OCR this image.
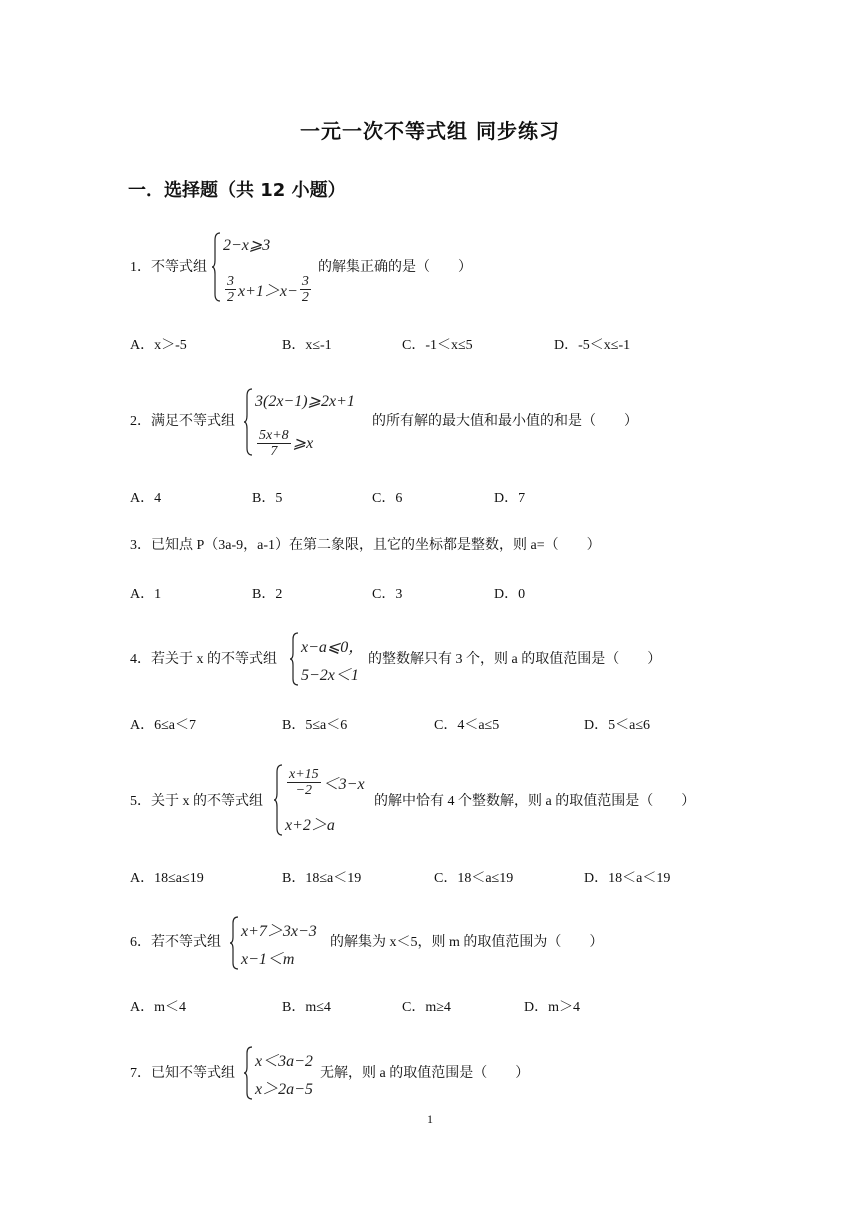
一元一次不等式组 同步练习
一．选择题（共 12 小题）
1．不等式组
2−x⩾3
$\frac{3}{2} x+1>x- \frac{3}{2}$
的解集正确的是（　　）
A．x＞-5	B．x≤-1	C．-1＜x≤5	D．-5＜x≤-1
2．满足不等式组
3(2x−1)⩾2x+1
$\frac{5x+8}{7}$ ⩾x
的所有解的最大值和最小值的和是（　　）
A．4	B．5	C．6	D．7
3．已知点 P（3a-9，a-1）在第二象限，且它的坐标都是整数，则 a=（　　）
A．1	B．2	C．3	D．0
4．若关于 x 的不等式组
x−a⩽0，
5−2x＜1
的整数解只有 3 个，则 a 的取值范围是（　　）
A．6≤a＜7	B．5≤a＜6	C．4＜a≤5	D．5＜a≤6
5．关于 x 的不等式组
$\frac{x+15}{-2} <3-x$
x+2＞a
的解中恰有 4 个整数解，则 a 的取值范围是（　　）
A．18≤a≤19	B．18≤a＜19	C．18＜a≤19	D．18＜a＜19
6．若不等式组
x+7＞3x−3
x−1＜m
的解集为 x＜5，则 m 的取值范围为（　　）
A．m＜4	B．m≤4	C．m≥4	D．m＞4
7．已知不等式组
x＜3a−2
x＞2a−5
无解，则 a 的取值范围是（　　）
1
